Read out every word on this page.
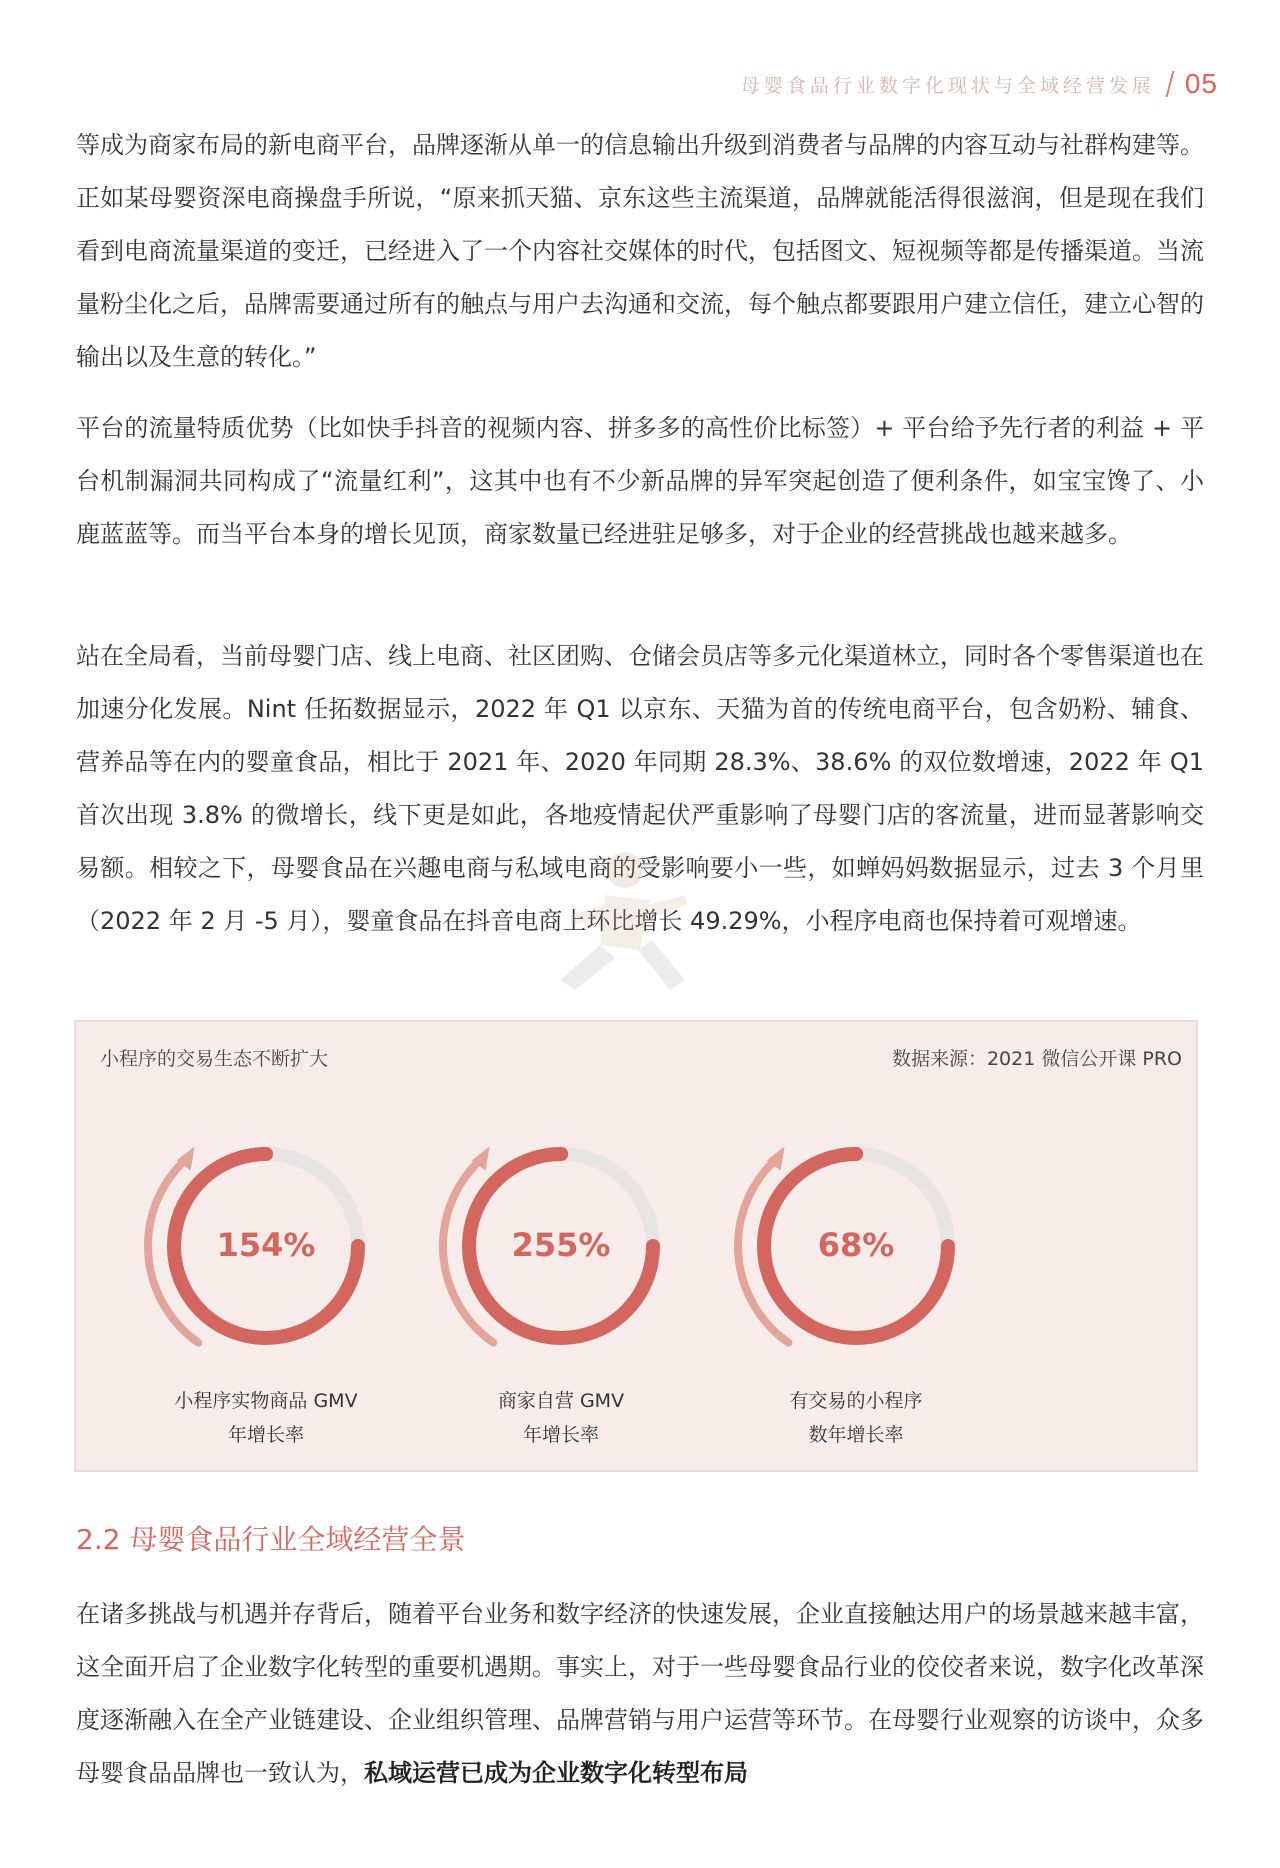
母婴食品行业数字化现状与全域经营发展 05

等成为商家布局的新电商平台，品牌逐渐从单一的信息输出升级到消费者与品牌的内容互动与社群构建等。正如某母婴资深电商操盘手所说，“原来抓天猫、京东这些主流渠道，品牌就能活得很滋润，但是现在我们看到电商流量渠道的变迁，已经进入了一个内容社交媒体的时代，包括图文、短视频等都是传播渠道。当流量粉尘化之后，品牌需要通过所有的触点与用户去沟通和交流，每个触点都要跟用户建立信任，建立心智的输出以及生意的转化。”

平台的流量特质优势（比如快手抖音的视频内容、拼多多的高性价比标签）+ 平台给予先行者的利益 + 平台机制漏洞共同构成了“流量红利”，这其中也有不少新品牌的异军突起创造了便利条件，如宝宝馋了、小鹿蓝蓝等。而当平台本身的增长见顶，商家数量已经进驻足够多，对于企业的经营挑战也越来越多。

站在全局看，当前母婴门店、线上电商、社区团购、仓储会员店等多元化渠道林立，同时各个零售渠道也在加速分化发展。Nint 任拓数据显示，2022 年 Q1 以京东、天猫为首的传统电商平台，包含奶粉、辅食、营养品等在内的婴童食品，相比于 2021 年、2020 年同期 28.3%、38.6% 的双位数增速，2022 年 Q1 首次出现 3.8% 的微增长，线下更是如此，各地疫情起伏严重影响了母婴门店的客流量，进而显著影响交易额。相较之下，母婴食品在兴趣电商与私域电商的受影响要小一些，如蝉妈妈数据显示，过去 3 个月里（2022 年 2 月 -5 月），婴童食品在抖音电商上环比增长 49.29%，小程序电商也保持着可观增速。

小程序的交易生态不断扩大	数据来源：2021 微信公开课 PRO
154%
小程序实物商品 GMV
年增长率
255%
商家自营 GMV
年增长率
68%
有交易的小程序
数年增长率
2.2 母婴食品行业全域经营全景

在诸多挑战与机遇并存背后，随着平台业务和数字经济的快速发展，企业直接触达用户的场景越来越丰富，这全面开启了企业数字化转型的重要机遇期。事实上，对于一些母婴食品行业的佼佼者来说，数字化改革深度逐渐融入在全产业链建设、企业组织管理、品牌营销与用户运营等环节。在母婴行业观察的访谈中，众多母婴食品品牌也一致认为，私域运营已成为企业数字化转型布局
